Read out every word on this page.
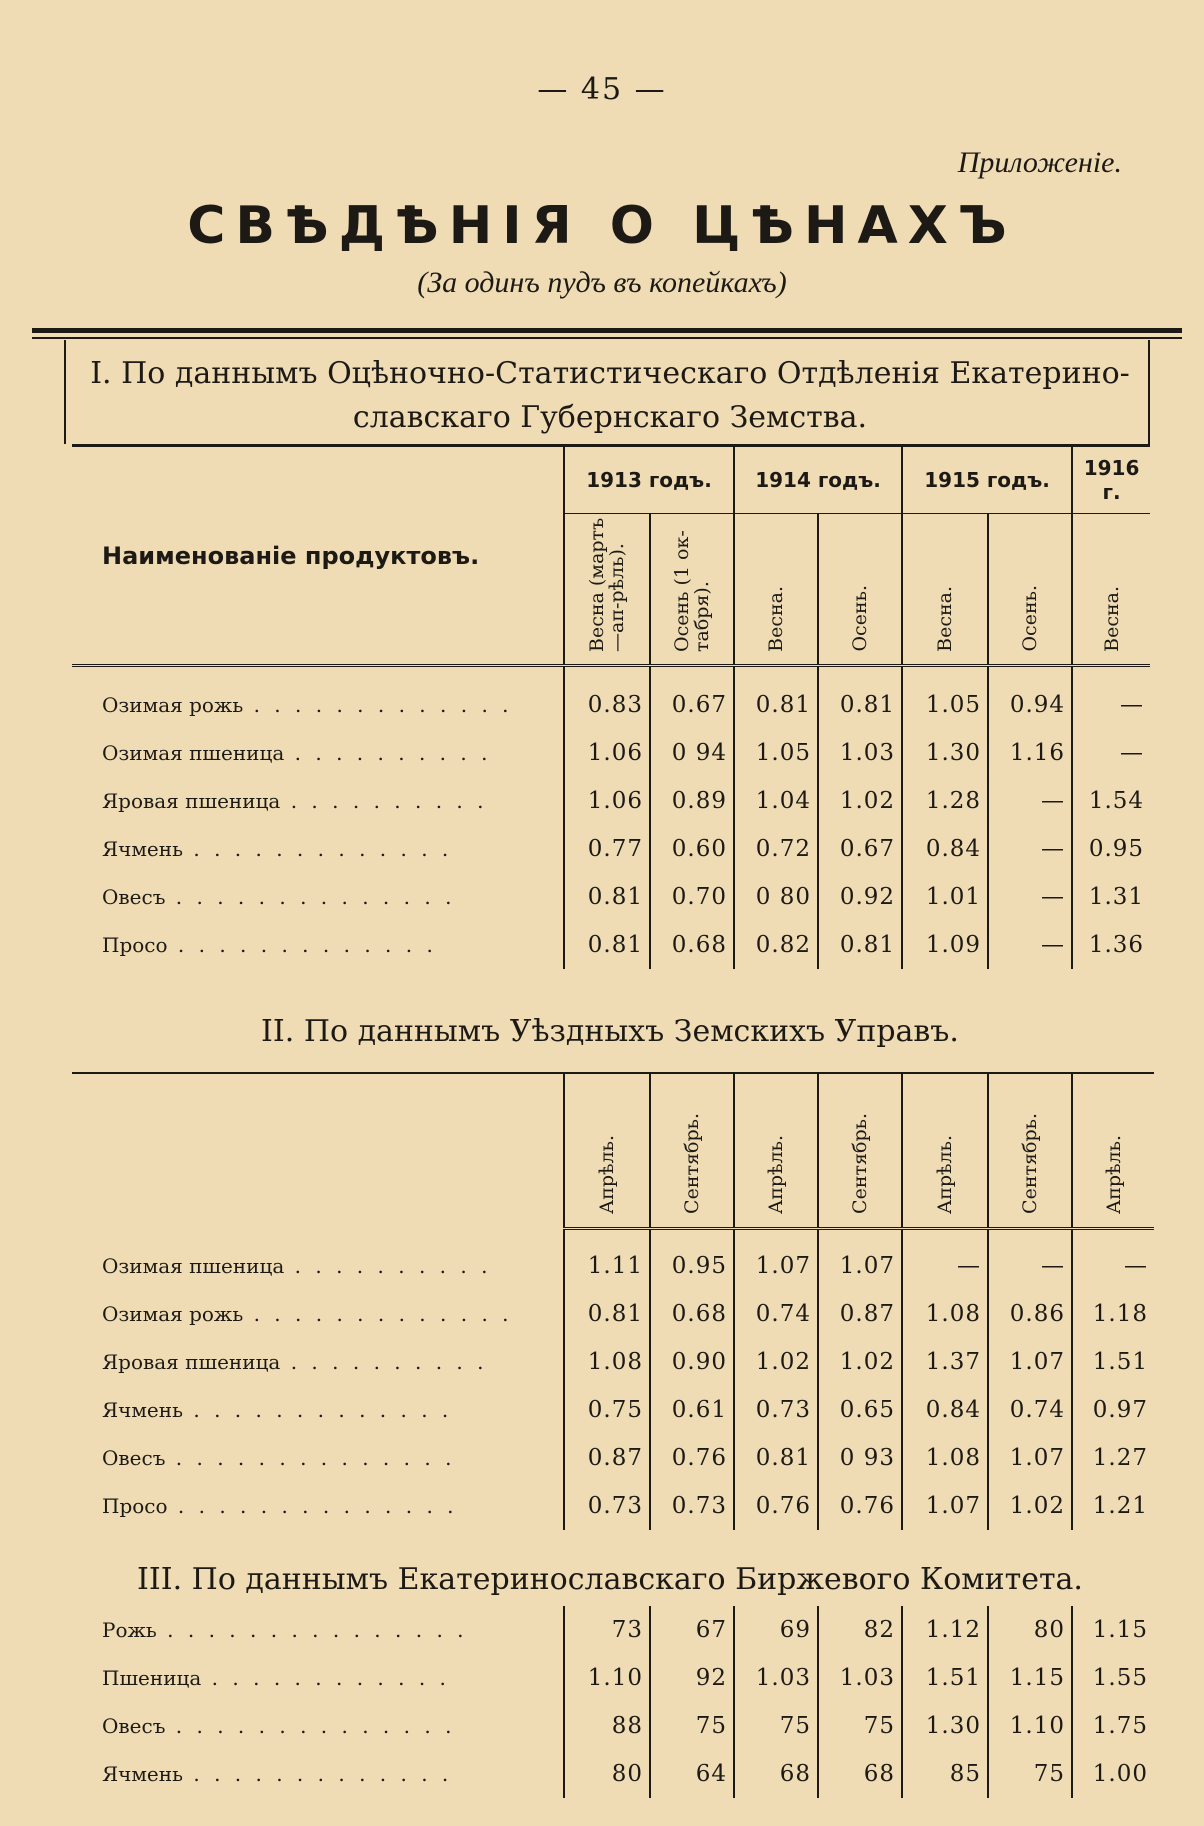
— 45 —
Приложеніе.
СВѢДѢНІЯ О ЦѢНАХЪ
(За одинъ пудъ въ копейкахъ)
I. По даннымъ Оцѣночно-Статистическаго Отдѣленія Екатерино-
славскаго Губернскаго Земства.
Наименованіе продуктовъ.	1913 годъ.		1914 годъ.		1915 годъ.		1916 г.

	Весна (мартъ—ап-рѣль).	Осень (1 ок-табря).	Весна.	Осень.	Весна.	Осень.	Весна.

Озимая рожь . . . . . . . . . . . . .	0.83	0.67	0.81	0.81	1.05	0.94	—
Озимая пшеница . . . . . . . . . .	1.06	0 94	1.05	1.03	1.30	1.16	—
Яровая пшеница . . . . . . . . . .	1.06	0.89	1.04	1.02	1.28	—	1.54
Ячмень . . . . . . . . . . . . .	0.77	0.60	0.72	0.67	0.84	—	0.95
Овесъ . . . . . . . . . . . . . .	0.81	0.70	0 80	0.92	1.01	—	1.31
Просо . . . . . . . . . . . . .	0.81	0.68	0.82	0.81	1.09	—	1.36
II. По даннымъ Уѣздныхъ Земскихъ Управъ.

	Апрѣль.	Сентябрь.	Апрѣль.	Сентябрь.	Апрѣль.	Сентябрь.	Апрѣль.

Озимая пшеница . . . . . . . . . .	1.11	0.95	1.07	1.07	—	—	—
Озимая рожь . . . . . . . . . . . . .	0.81	0.68	0.74	0.87	1.08	0.86	1.18
Яровая пшеница . . . . . . . . . .	1.08	0.90	1.02	1.02	1.37	1.07	1.51
Ячмень . . . . . . . . . . . . .	0.75	0.61	0.73	0.65	0.84	0.74	0.97
Овесъ . . . . . . . . . . . . . .	0.87	0.76	0.81	0 93	1.08	1.07	1.27
Просо . . . . . . . . . . . . . .	0.73	0.73	0.76	0.76	1.07	1.02	1.21
III. По даннымъ Екатеринославскаго Биржевого Комитета.
Рожь . . . . . . . . . . . . . . .	73	67	69	82	1.12	80	1.15
Пшеница . . . . . . . . . . . .	1.10	92	1.03	1.03	1.51	1.15	1.55
Овесъ . . . . . . . . . . . . . .	88	75	75	75	1.30	1.10	1.75
Ячмень . . . . . . . . . . . . .	80	64	68	68	85	75	1.00
